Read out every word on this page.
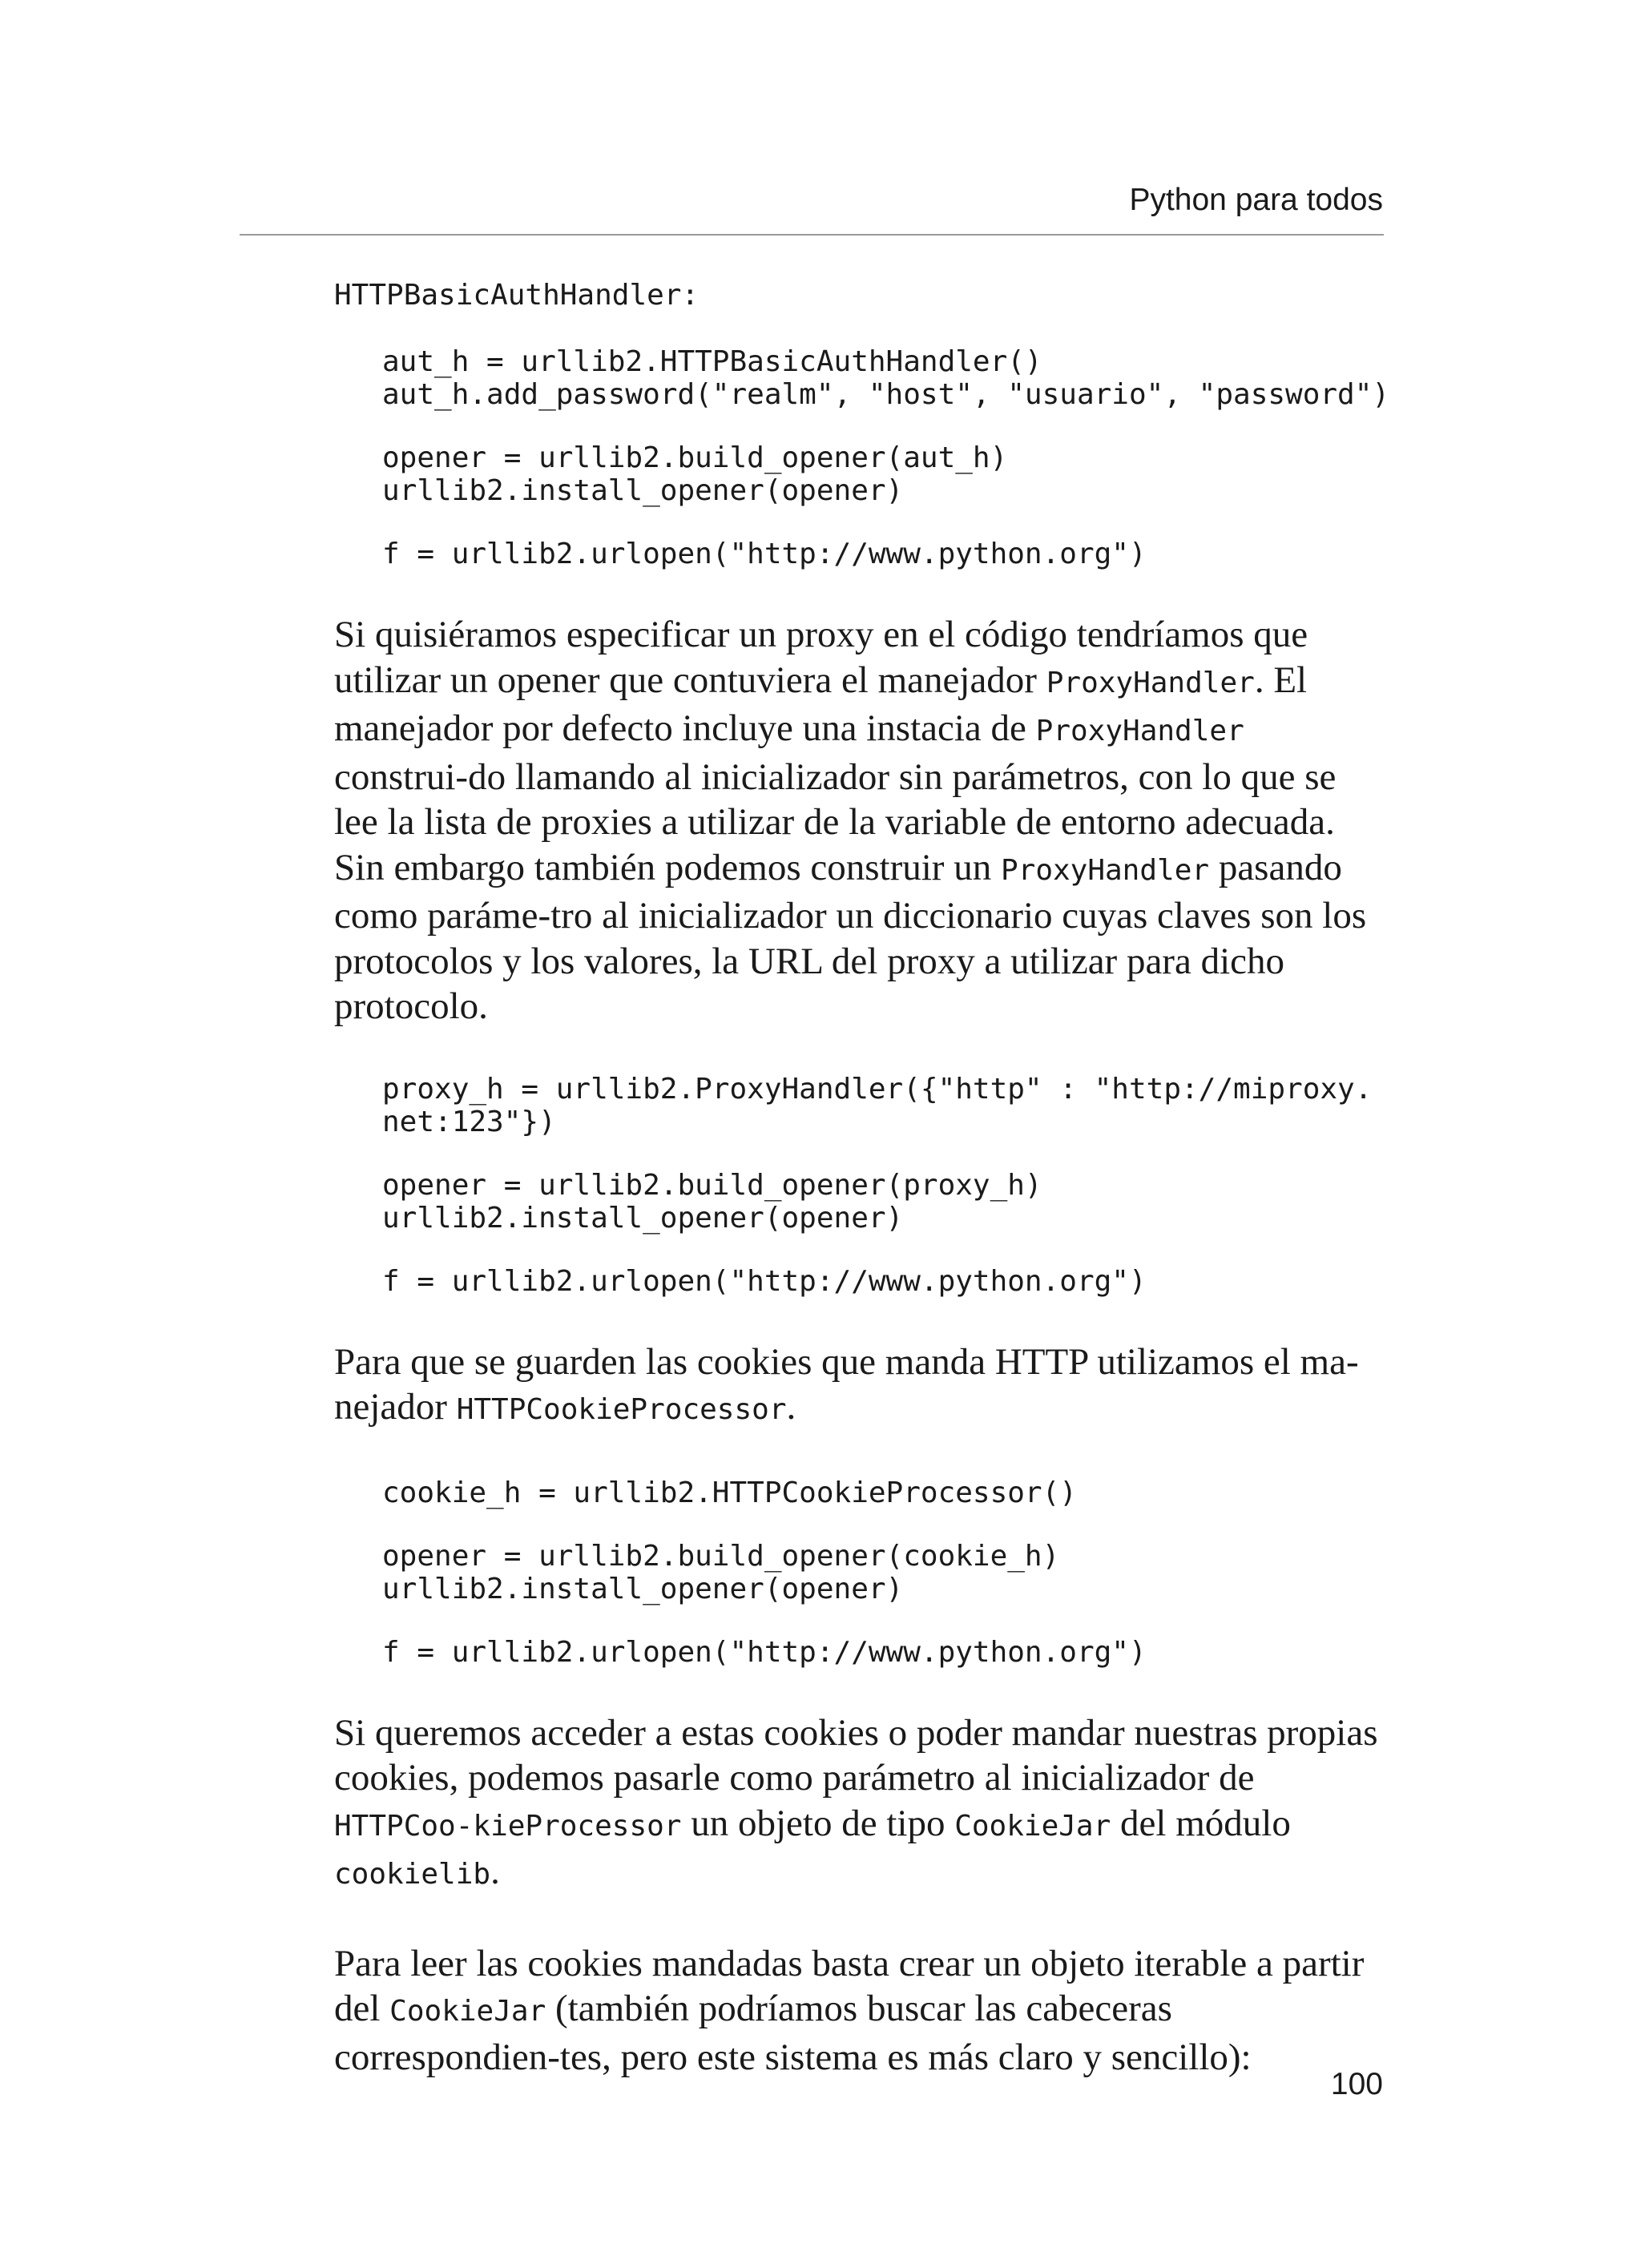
Python para todos
HTTPBasicAuthHandler:
aut_h = urllib2.HTTPBasicAuthHandler()
aut_h.add_password("realm", "host", "usuario", "password")
opener = urllib2.build_opener(aut_h)
urllib2.install_opener(opener)
f = urllib2.urlopen("http://www.python.org")

Si quisiéramos especificar un proxy en el código tendríamos que utilizar un opener que contuviera el manejador ProxyHandler. El manejador por defecto incluye una instacia de ProxyHandler construi-do llamando al inicializador sin parámetros, con lo que se lee la lista de proxies a utilizar de la variable de entorno adecuada. Sin embargo también podemos construir un ProxyHandler pasando como paráme-tro al inicializador un diccionario cuyas claves son los protocolos y los valores, la URL del proxy a utilizar para dicho protocolo.

proxy_h = urllib2.ProxyHandler({"http" : "http://miproxy.
net:123"})
opener = urllib2.build_opener(proxy_h)
urllib2.install_opener(opener)
f = urllib2.urlopen("http://www.python.org")

Para que se guarden las cookies que manda HTTP utilizamos el ma-nejador HTTPCookieProcessor.

cookie_h = urllib2.HTTPCookieProcessor()
opener = urllib2.build_opener(cookie_h)
urllib2.install_opener(opener)
f = urllib2.urlopen("http://www.python.org")

Si queremos acceder a estas cookies o poder mandar nuestras propias cookies, podemos pasarle como parámetro al inicializador de HTTPCoo-kieProcessor un objeto de tipo CookieJar del módulo cookielib.

Para leer las cookies mandadas basta crear un objeto iterable a partir del CookieJar (también podríamos buscar las cabeceras correspondien-tes, pero este sistema es más claro y sencillo):

100
